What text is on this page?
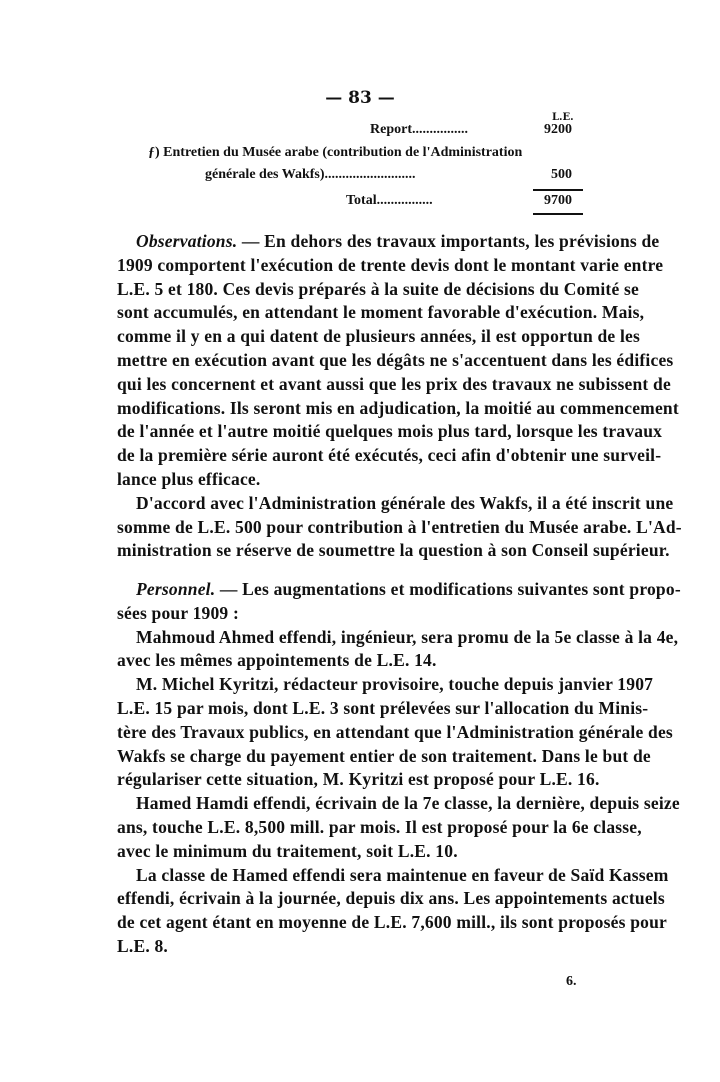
— 83 —
L.E.
Report................	9200
ƒ) Entretien du Musée arabe (contribution de l'Administration
générale des Wakfs)..........................	500
Total................	9700
Observations. — En dehors des travaux importants, les prévisions de
1909 comportent l'exécution de trente devis dont le montant varie entre
L.E. 5 et 180. Ces devis préparés à la suite de décisions du Comité se
sont accumulés, en attendant le moment favorable d'exécution. Mais,
comme il y en a qui datent de plusieurs années, il est opportun de les
mettre en exécution avant que les dégâts ne s'accentuent dans les édifices
qui les concernent et avant aussi que les prix des travaux ne subissent de
modifications. Ils seront mis en adjudication, la moitié au commencement
de l'année et l'autre moitié quelques mois plus tard, lorsque les travaux
de la première série auront été exécutés, ceci afin d'obtenir une surveil-
lance plus efficace.
D'accord avec l'Administration générale des Wakfs, il a été inscrit une
somme de L.E. 500 pour contribution à l'entretien du Musée arabe. L'Ad-
ministration se réserve de soumettre la question à son Conseil supérieur.
Personnel. — Les augmentations et modifications suivantes sont propo-
sées pour 1909 :
Mahmoud Ahmed effendi, ingénieur, sera promu de la 5e classe à la 4e,
avec les mêmes appointements de L.E. 14.
M. Michel Kyritzi, rédacteur provisoire, touche depuis janvier 1907
L.E. 15 par mois, dont L.E. 3 sont prélevées sur l'allocation du Minis-
tère des Travaux publics, en attendant que l'Administration générale des
Wakfs se charge du payement entier de son traitement. Dans le but de
régulariser cette situation, M. Kyritzi est proposé pour L.E. 16.
Hamed Hamdi effendi, écrivain de la 7e classe, la dernière, depuis seize
ans, touche L.E. 8,500 mill. par mois. Il est proposé pour la 6e classe,
avec le minimum du traitement, soit L.E. 10.
La classe de Hamed effendi sera maintenue en faveur de Saïd Kassem
effendi, écrivain à la journée, depuis dix ans. Les appointements actuels
de cet agent étant en moyenne de L.E. 7,600 mill., ils sont proposés pour
L.E. 8.
6.
